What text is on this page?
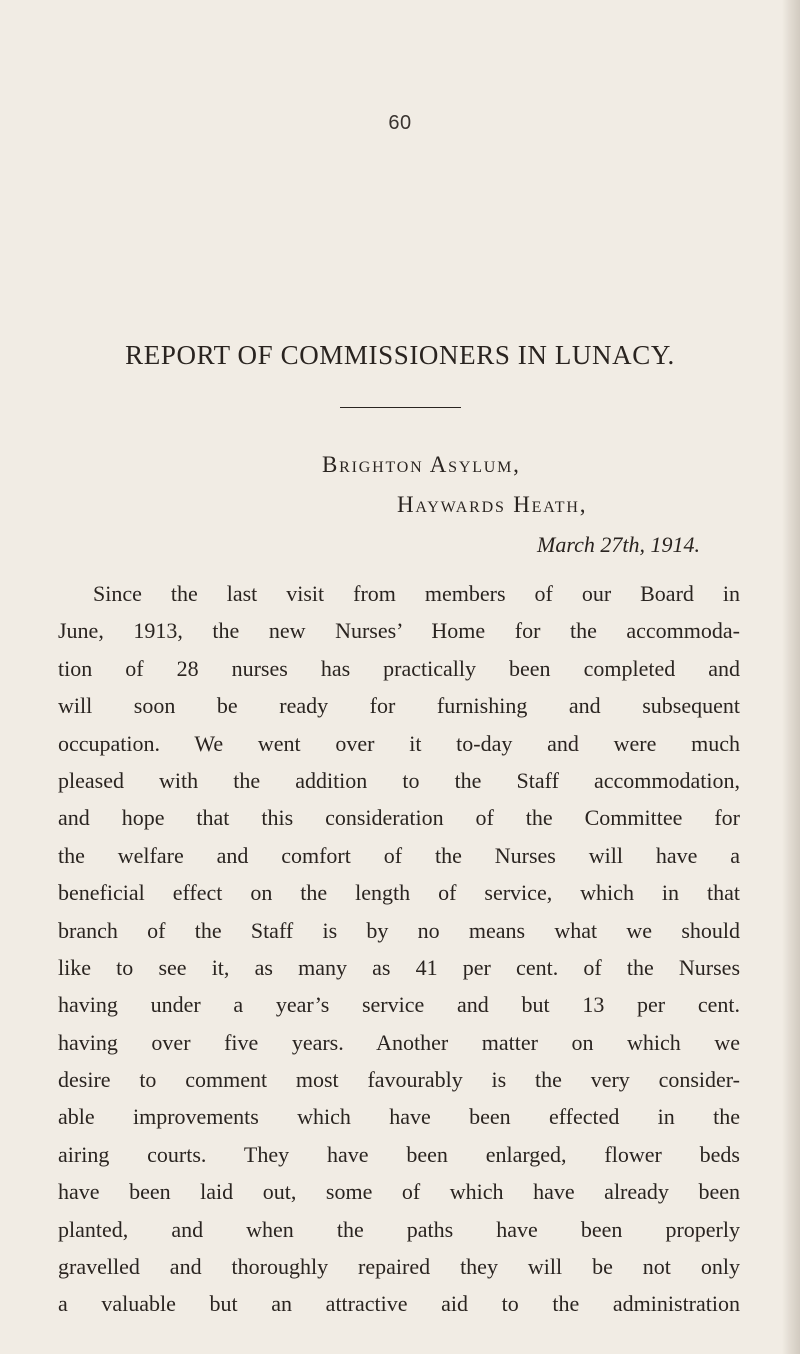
60
REPORT OF COMMISSIONERS IN LUNACY.
Brighton Asylum,
Haywards Heath,
March 27th, 1914.
Since the last visit from members of our Board in
June, 1913, the new Nurses’ Home for the accommoda-
tion of 28 nurses has practically been completed and
will soon be ready for furnishing and subsequent
occupation. We went over it to-day and were much
pleased with the addition to the Staff accommodation,
and hope that this consideration of the Committee for
the welfare and comfort of the Nurses will have a
beneficial effect on the length of service, which in that
branch of the Staff is by no means what we should
like to see it, as many as 41 per cent. of the Nurses
having under a year’s service and but 13 per cent.
having over five years. Another matter on which we
desire to comment most favourably is the very consider-
able improvements which have been effected in the
airing courts. They have been enlarged, flower beds
have been laid out, some of which have already been
planted, and when the paths have been properly
gravelled and thoroughly repaired they will be not only
a valuable but an attractive aid to the administration
